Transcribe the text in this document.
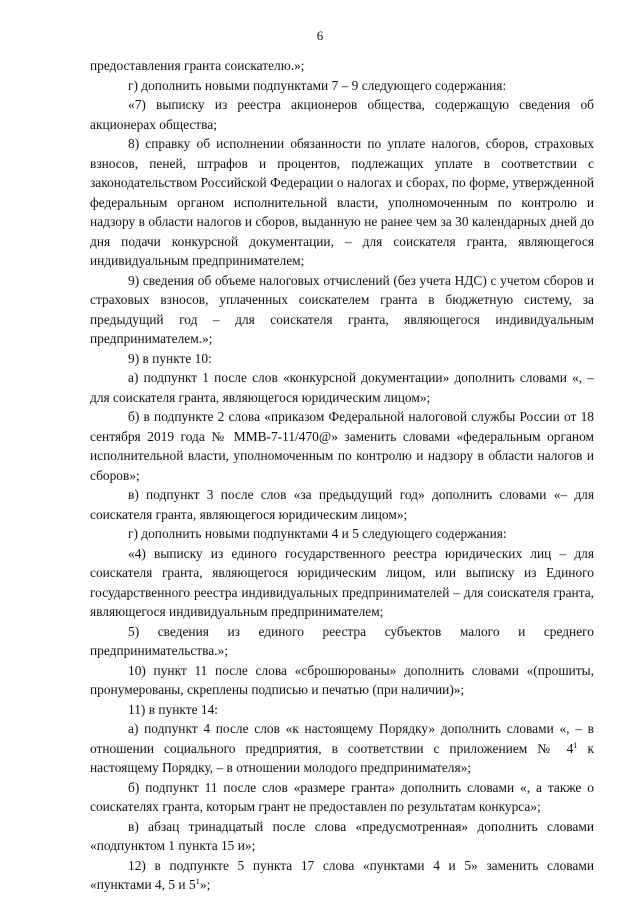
6

предоставления гранта соискателю.»;

г) дополнить новыми подпунктами 7 – 9 следующего содержания:

«7) выписку из реестра акционеров общества, содержащую сведения об акционерах общества;

8) справку об исполнении обязанности по уплате налогов, сборов, страховых взносов, пеней, штрафов и процентов, подлежащих уплате в соответствии с законодательством Российской Федерации о налогах и сборах, по форме, утвержденной федеральным органом исполнительной власти, уполномоченным по контролю и надзору в области налогов и сборов, выданную не ранее чем за 30 календарных дней до дня подачи конкурсной документации, – для соискателя гранта, являющегося индивидуальным предпринимателем;

9) сведения об объеме налоговых отчислений (без учета НДС) с учетом сборов и страховых взносов, уплаченных соискателем гранта в бюджетную систему, за предыдущий год – для соискателя гранта, являющегося индивидуальным предпринимателем.»;

9) в пункте 10:

а) подпункт 1 после слов «конкурсной документации» дополнить словами «, – для соискателя гранта, являющегося юридическим лицом»;

б) в подпункте 2 слова «приказом Федеральной налоговой службы России от 18 сентября 2019 года № ММВ-7-11/470@» заменить словами «федеральным органом исполнительной власти, уполномоченным по контролю и надзору в области налогов и сборов»;

в) подпункт 3 после слов «за предыдущий год» дополнить словами «– для соискателя гранта, являющегося юридическим лицом»;

г) дополнить новыми подпунктами 4 и 5 следующего содержания:

«4) выписку из единого государственного реестра юридических лиц – для соискателя гранта, являющегося юридическим лицом, или выписку из Единого государственного реестра индивидуальных предпринимателей – для соискателя гранта, являющегося индивидуальным предпринимателем;

5) сведения из единого реестра субъектов малого и среднего предпринимательства.»;

10) пункт 11 после слова «сброшюрованы» дополнить словами «(прошиты, пронумерованы, скреплены подписью и печатью (при наличии)»;

11) в пункте 14:

а) подпункт 4 после слов «к настоящему Порядку» дополнить словами «, – в отношении социального предприятия, в соответствии с приложением № $4^1$ к настоящему Порядку, – в отношении молодого предпринимателя»;

б) подпункт 11 после слов «размере гранта» дополнить словами «, а также о соискателях гранта, которым грант не предоставлен по результатам конкурса»;

в) абзац тринадцатый после слова «предусмотренная» дополнить словами «подпунктом 1 пункта 15 и»;

12) в подпункте 5 пункта 17 слова «пунктами 4 и 5» заменить словами «пунктами 4, 5 и $5^1$»;
